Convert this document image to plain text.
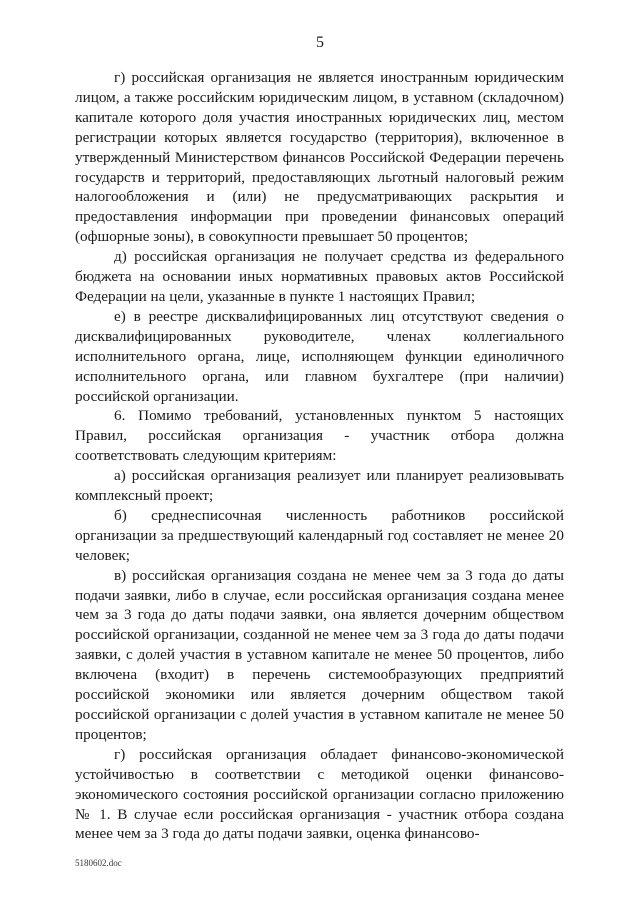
5

г) российская организация не является иностранным юридическим лицом, а также российским юридическим лицом, в уставном (складочном) капитале которого доля участия иностранных юридических лиц, местом регистрации которых является государство (территория), включенное в утвержденный Министерством финансов Российской Федерации перечень государств и территорий, предоставляющих льготный налоговый режим налогообложения и (или) не предусматривающих раскрытия и предоставления информации при проведении финансовых операций (офшорные зоны), в совокупности превышает 50 процентов;

д) российская организация не получает средства из федерального бюджета на основании иных нормативных правовых актов Российской Федерации на цели, указанные в пункте 1 настоящих Правил;

е) в реестре дисквалифицированных лиц отсутствуют сведения о дисквалифицированных руководителе, членах коллегиального исполнительного органа, лице, исполняющем функции единоличного исполнительного органа, или главном бухгалтере (при наличии) российской организации.

6. Помимо требований, установленных пунктом 5 настоящих Правил, российская организация - участник отбора должна соответствовать следующим критериям:

а) российская организация реализует или планирует реализовывать комплексный проект;

б) среднесписочная численность работников российской организации за предшествующий календарный год составляет не менее 20 человек;

в) российская организация создана не менее чем за 3 года до даты подачи заявки, либо в случае, если российская организация создана менее чем за 3 года до даты подачи заявки, она является дочерним обществом российской организации, созданной не менее чем за 3 года до даты подачи заявки, с долей участия в уставном капитале не менее 50 процентов, либо включена (входит) в перечень системообразующих предприятий российской экономики или является дочерним обществом такой российской организации с долей участия в уставном капитале не менее 50 процентов;

г) российская организация обладает финансово-экономической устойчивостью в соответствии с методикой оценки финансово-экономического состояния российской организации согласно приложению № 1. В случае если российская организация - участник отбора создана менее чем за 3 года до даты подачи заявки, оценка финансово-

5180602.doc
